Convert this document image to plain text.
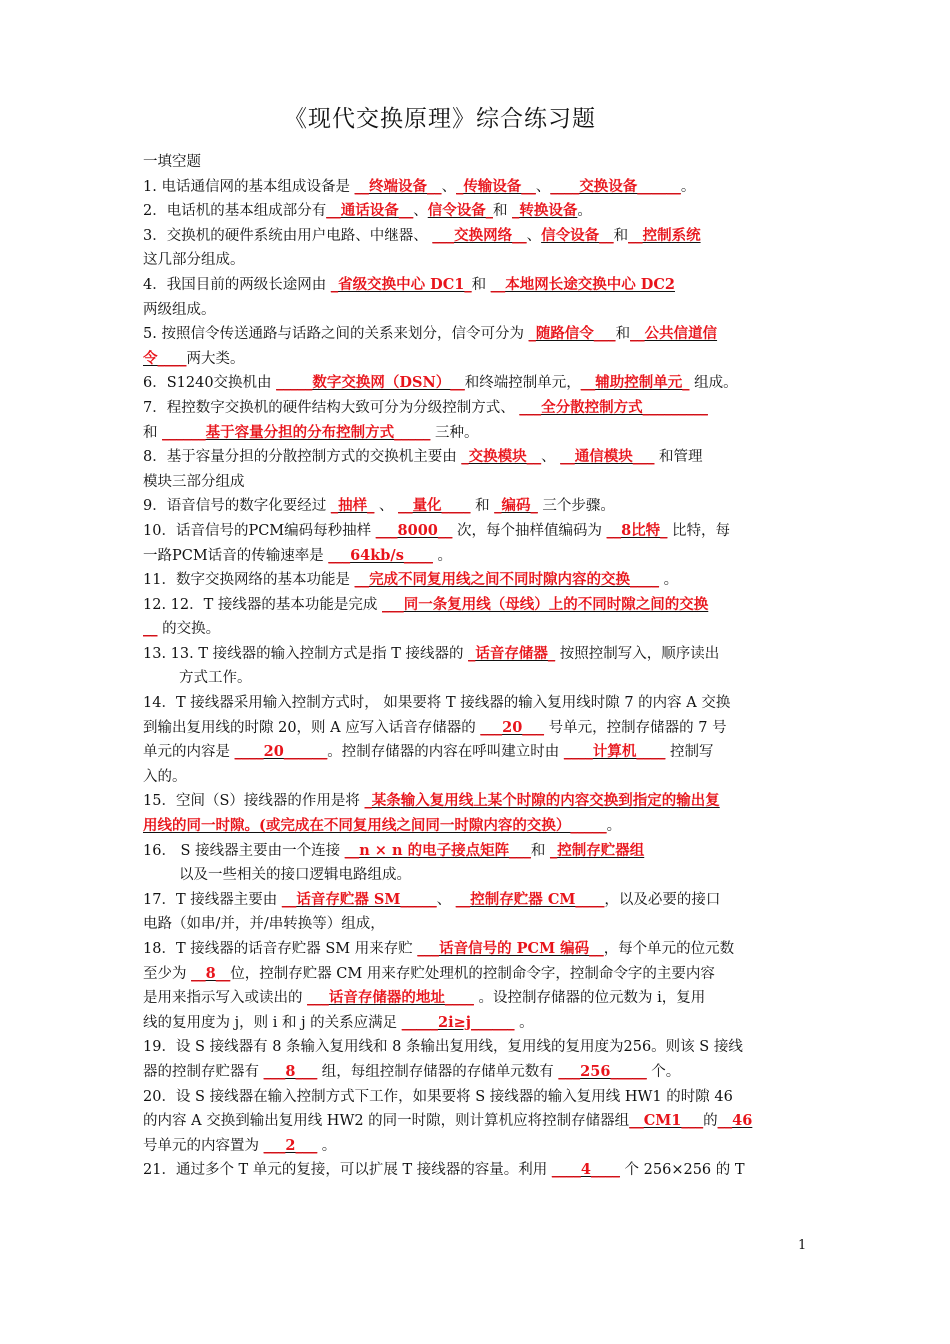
《现代交换原理》综合练习题

一填空题

1. 电话通信网的基本组成设备是 __终端设备__、_传输设备__、____交换设备______。

2．电话机的基本组成部分有__通话设备__、信令设备_和 _转换设备。

3．交换机的硬件系统由用户电路、中继器、 ___交换网络__、信令设备__和__控制系统

这几部分组成。

4．我国目前的两级长途网由 _省级交换中心 DC1_和 __本地网长途交换中心 DC2

两级组成。

5. 按照信令传送通路与话路之间的关系来划分，信令可分为 _随路信令___和__公共信道信

令____两大类。

6．S1240交换机由 _____数字交换网（DSN）__和终端控制单元，__辅助控制单元_ 组成。

7．程控数字交换机的硬件结构大致可分为分级控制方式、 ___全分散控制方式_________

和 ______基于容量分担的分布控制方式_____ 三种。

8．基于容量分担的分散控制方式的交换机主要由 _交换模块__、 __通信模块___ 和管理

模块三部分组成

9．语音信号的数字化要经过 _抽样_ 、 __量化____ 和 _编码_ 三个步骤。

10．话音信号的PCM编码每秒抽样 ___8000__ 次，每个抽样值编码为 __8比特_ 比特，每

一路PCM话音的传输速率是 ___64kb/s____ 。

11．数字交换网络的基本功能是 __完成不同复用线之间不同时隙内容的交换____ 。

12. 12．T 接线器的基本功能是完成 ___同一条复用线（母线）上的不同时隙之间的交换

__ 的交换。

13. 13. T 接线器的输入控制方式是指 T 接线器的 _话音存储器_ 按照控制写入，顺序读出

方式工作。

14．T 接线器采用输入控制方式时， 如果要将 T 接线器的输入复用线时隙 7 的内容 A 交换

到输出复用线的时隙 20，则 A 应写入话音存储器的 ___20___ 号单元，控制存储器的 7 号

单元的内容是 ____20______。控制存储器的内容在呼叫建立时由 ____计算机____ 控制写

入的。

15．空间（S）接线器的作用是将 _某条输入复用线上某个时隙的内容交换到指定的输出复

用线的同一时隙。(或完成在不同复用线之间同一时隙内容的交换）_____。

16． S 接线器主要由一个连接 __n × n 的电子接点矩阵___和 _控制存贮器组

以及一些相关的接口逻辑电路组成。

17．T 接线器主要由 __话音存贮器 SM_____、 __控制存贮器 CM____，以及必要的接口

电路（如串/并，并/串转换等）组成，

18．T 接线器的话音存贮器 SM 用来存贮 ___话音信号的 PCM 编码__，每个单元的位元数

至少为 __8__位，控制存贮器 CM 用来存贮处理机的控制命令字，控制命令字的主要内容

是用来指示写入或读出的 ___话音存储器的地址____ 。设控制存储器的位元数为 i，复用

线的复用度为 j，则 i 和 j 的关系应满足 _____2i≥j______ 。

19．设 S 接线器有 8 条输入复用线和 8 条输出复用线，复用线的复用度为256。则该 S 接线

器的控制存贮器有 ___8___ 组，每组控制存储器的存储单元数有 ___256_____ 个。

20．设 S 接线器在输入控制方式下工作，如果要将 S 接线器的输入复用线 HW1 的时隙 46

的内容 A 交换到输出复用线 HW2 的同一时隙，则计算机应将控制存储器组__CM1___的__46

号单元的内容置为 ___2___ 。

21．通过多个 T 单元的复接，可以扩展 T 接线器的容量。利用 ____4____ 个 256×256 的 T

1
